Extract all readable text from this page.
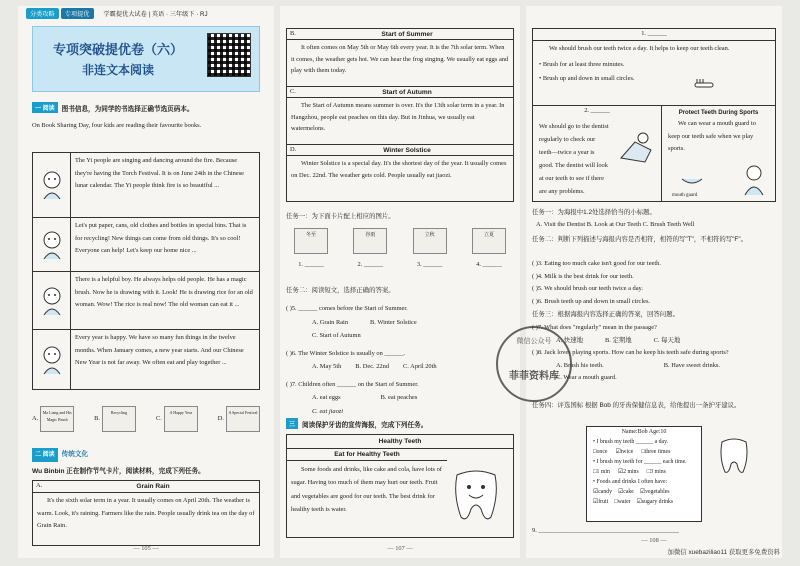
分类攻略	专项提优	学霸提优大试卷 | 英语 · 三年级下 · RJ
专项突破提优卷（六）
非连文本阅读
一 阅读	图书信息，为同学的书选择正确节选页码本。
On Book Sharing Day, four kids are reading their favourite books.
The Yi people are singing and dancing around the fire. Because they're having the Torch Festival. It is on June 24th in the Chinese lunar calendar. The Yi people think fire is so beautiful ...
Let's put paper, cans, old clothes and bottles in special bins. That is for recycling! New things can come from old things. It's so cool! Everyone can help! Let's keep our home nice ...
There is a helpful boy. He always helps old people. He has a magic brush. Now he is drawing with it. Look! He is drawing rice for an old woman. Wow! The rice is real now! The old woman can eat it ...
Every year is happy. We have so many fun things in the twelve months. When January comes, a new year starts. And our Chinese New Year is not far away. We often eat and play together ...
A.
Ma Liang and His Magic Brush	B.
Recycling
C.
A Happy Year
D.
A Special Festival
二 阅读	传统文化
Wu Binbin 正在制作节气卡片，阅读材料，完成下列任务。
A.	Grain Rain
It's the sixth solar term in a year. It usually comes on April 20th. The weather is warm. Look, it's raining. Farmers like the rain. People usually drink tea on the day of Grain Rain.
— 105 —
B.	Start of Summer
It often comes on May 5th or May 6th every year. It is the 7th solar term. When it comes, the weather gets hot. We can hear the frog singing. We usually eat eggs and play with them today.
C.	Start of Autumn
The Start of Autumn means summer is over. It's the 13th solar term in a year. In Hangzhou, people eat peaches on this day. But in Jinhua, we usually eat watermelons.
D.	Winter Solstice
Winter Solstice is a special day. It's the shortest day of the year. It usually comes on Dec. 22nd. The weather gets cold. People usually eat jiaozi.
任务一：为下面卡片配上相应的图片。
冬至
1. ______
谷雨
2. ______
立秋
3. ______
立夏
4. ______
任务二：阅读短文，选择正确的答案。
( )5. ______ comes before the Start of Summer.
A. Grain Rain	B. Winter Solstice
C. Start of Autumn
( )6. The Winter Solstice is usually on ______.
A. May 5th B. Dec. 22nd C. April 20th
( )7. Children often ______ on the Start of Summer.
A. eat eggs	B. eat peaches
C. eat jiaozi
三	阅读保护牙齿的宣传海报，完成下列任务。
Healthy Teeth
Eat for Healthy Teeth
Some foods and drinks, like cake and cola, have lots of sugar. Having too much of them may hurt our teeth. Fruit and vegetables are good for our teeth. The best drink for healthy teeth is water.
— 107 —
1. ______
We should brush our teeth twice a day. It helps to keep our teeth clean.
• Brush for at least three minutes.
• Brush up and down in small circles.
2. ______
We should go to the dentist regularly to check our teeth—twice a year is good. The dentist will look at our teeth to see if there are any problems.
Protect Teeth During Sports
We can wear a mouth guard to keep our teeth safe when we play sports.
mouth guard
任务一：为海报中1.2处选择恰当的小标题。
A. Visit the Dentist B. Look at Our Teeth C. Brush Teeth Well
任务二：判断下列描述与海报内容是否相符，相符的写"T"，不相符的写"F"。
( )3. Eating too much cake isn't good for our teeth.
( )4. Milk is the best drink for our teeth.
( )5. We should brush our teeth twice a day.
( )6. Brush teeth up and down in small circles.
任务三：根据海报内容选择正确的答案，回答问题。
( )7. What does "regularly" mean in the passage?
A. 快速地	B. 定期地	C. 每天地
( )8. Jack loves playing sports. How can he keep his teeth safe during sports?
A. Brush his teeth.	B. Have sweet drinks.
C. Wear a mouth guard.
任务四：评选国标 根据 Bob 的牙齿保健信息表，给他提出一条护牙建议。
Name:Bob Age:10
• I brush my teeth ______ a day.
□once ☑twice □three times
• I brush my teeth for ______ each time.
□1 min ☑2 mins □3 mins
• Foods and drinks I often have:
☑candy ☑cake ☑vegetables
☑fruit □water ☑sugary drinks
9. ____________________________________________
微信公众号
菲菲资料库
— 108 —
加微信 xuebaziliao11 获取更多免费资料
